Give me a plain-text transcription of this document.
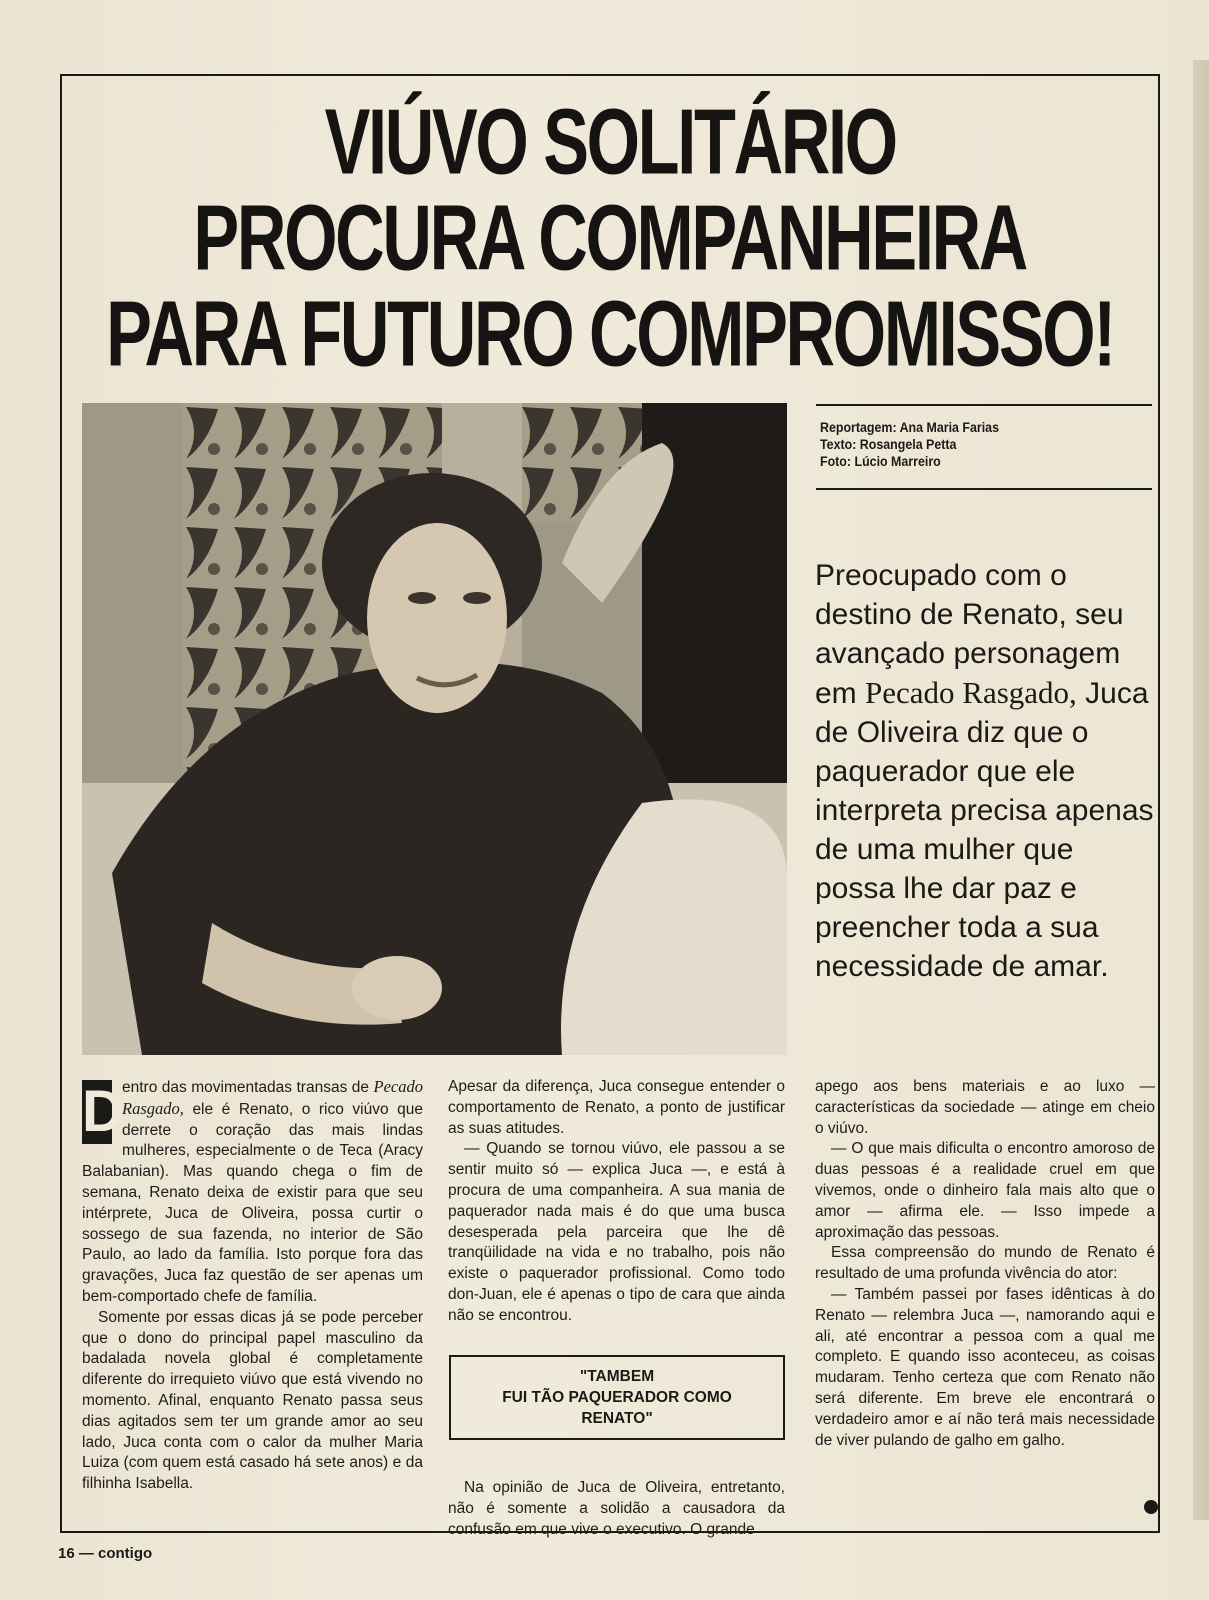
VIÚVO SOLITÁRIO
PROCURA COMPANHEIRA
PARA FUTURO COMPROMISSO!
Reportagem: Ana Maria Farias
Texto: Rosangela Petta
Foto: Lúcio Marreiro
Preocupado com o destino de Renato, seu avançado personagem em Pecado Rasgado, Juca de Oliveira diz que o paquerador que ele interpreta precisa apenas de uma mulher que possa lhe dar paz e preencher toda a sua necessidade de amar.

D
entro das movimentadas transas de Pecado Rasgado, ele é Renato, o rico viúvo que derrete o coração das mais lindas mulheres, especialmente o de Teca (Aracy Balabanian). Mas quando chega o fim de semana, Renato deixa de existir para que seu intérprete, Juca de Oliveira, possa curtir o sossego de sua fazenda, no interior de São Paulo, ao lado da família. Isto porque fora das gravações, Juca faz questão de ser apenas um bem-comportado chefe de família.

Somente por essas dicas já se pode perceber que o dono do principal papel masculino da badalada novela global é completamente diferente do irrequieto viúvo que está vivendo no momento. Afinal, enquanto Renato passa seus dias agitados sem ter um grande amor ao seu lado, Juca conta com o calor da mulher Maria Luiza (com quem está casado há sete anos) e da filhinha Isabella.

Apesar da diferença, Juca consegue entender o comportamento de Renato, a ponto de justificar as suas atitudes.

— Quando se tornou viúvo, ele passou a se sentir muito só — explica Juca —, e está à procura de uma companheira. A sua mania de paquerador nada mais é do que uma busca desesperada pela parceira que lhe dê tranqüilidade na vida e no trabalho, pois não existe o paquerador profissional. Como todo don-Juan, ele é apenas o tipo de cara que ainda não se encontrou.

"TAMBEM
FUI TÃO PAQUERADOR COMO
RENATO"

Na opinião de Juca de Oliveira, entretanto, não é somente a solidão a causadora da confusão em que vive o executivo. O grande

apego aos bens materiais e ao luxo — características da sociedade — atinge em cheio o viúvo.

— O que mais dificulta o encontro amoroso de duas pessoas é a realidade cruel em que vivemos, onde o dinheiro fala mais alto que o amor — afirma ele. — Isso impede a aproximação das pessoas.

Essa compreensão do mundo de Renato é resultado de uma profunda vivência do ator:

— Também passei por fases idênticas à do Renato — relembra Juca —, namorando aqui e ali, até encontrar a pessoa com a qual me completo. E quando isso aconteceu, as coisas mudaram. Tenho certeza que com Renato não será diferente. Em breve ele encontrará o verdadeiro amor e aí não terá mais necessidade de viver pulando de galho em galho.

16 — contigo
